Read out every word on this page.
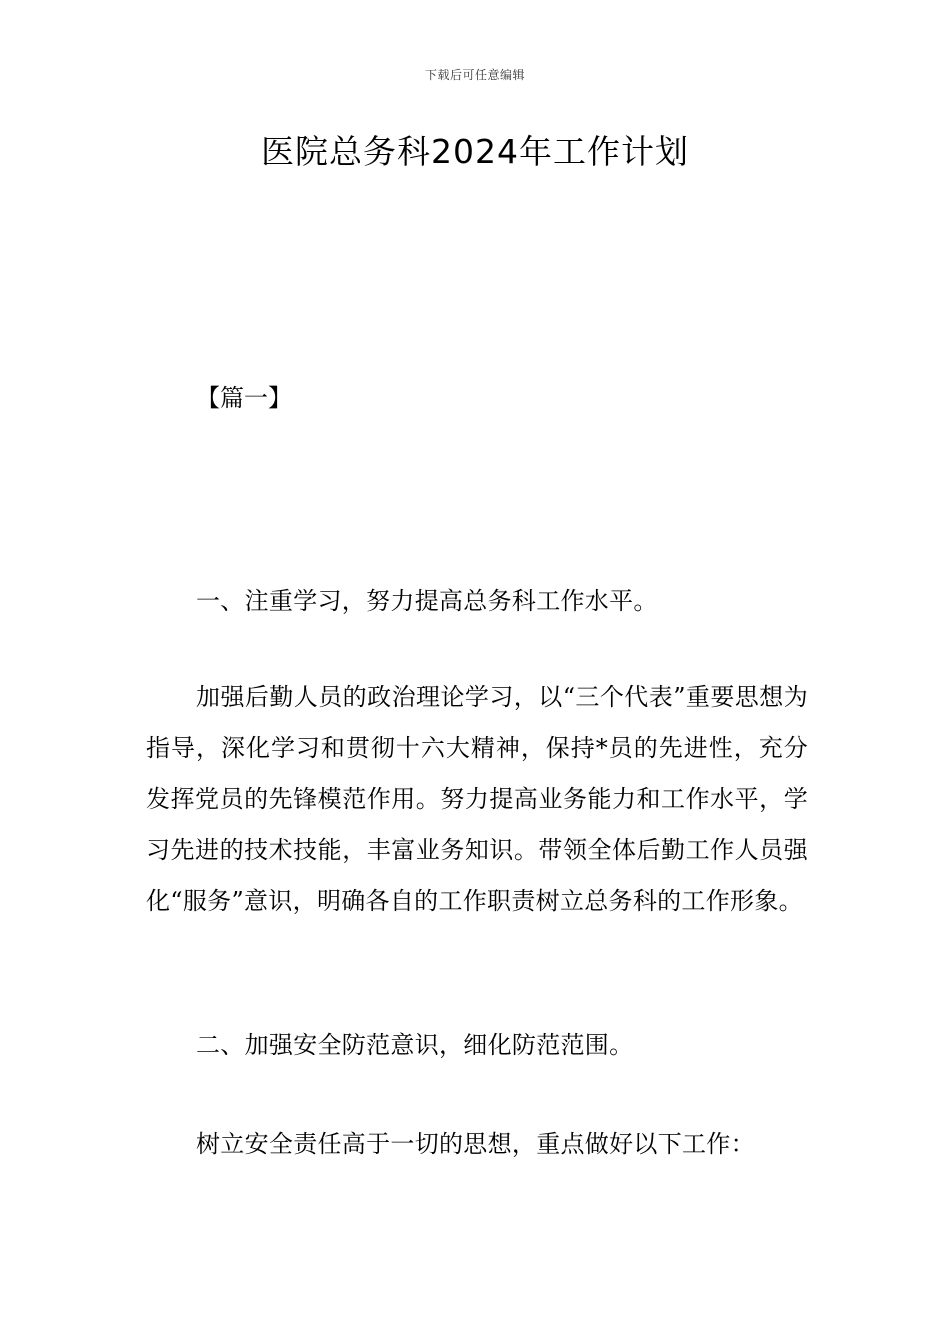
下载后可任意编辑
医院总务科2024年工作计划
【篇一】

一、注重学习，努力提高总务科工作水平。

加强后勤人员的政治理论学习，以“三个代表”重要思想为指导，深化学习和贯彻十六大精神，保持*员的先进性，充分发挥党员的先锋模范作用。努力提高业务能力和工作水平，学习先进的技术技能，丰富业务知识。带领全体后勤工作人员强化“服务”意识，明确各自的工作职责树立总务科的工作形象。

二、加强安全防范意识，细化防范范围。

树立安全责任高于一切的思想，重点做好以下工作：
